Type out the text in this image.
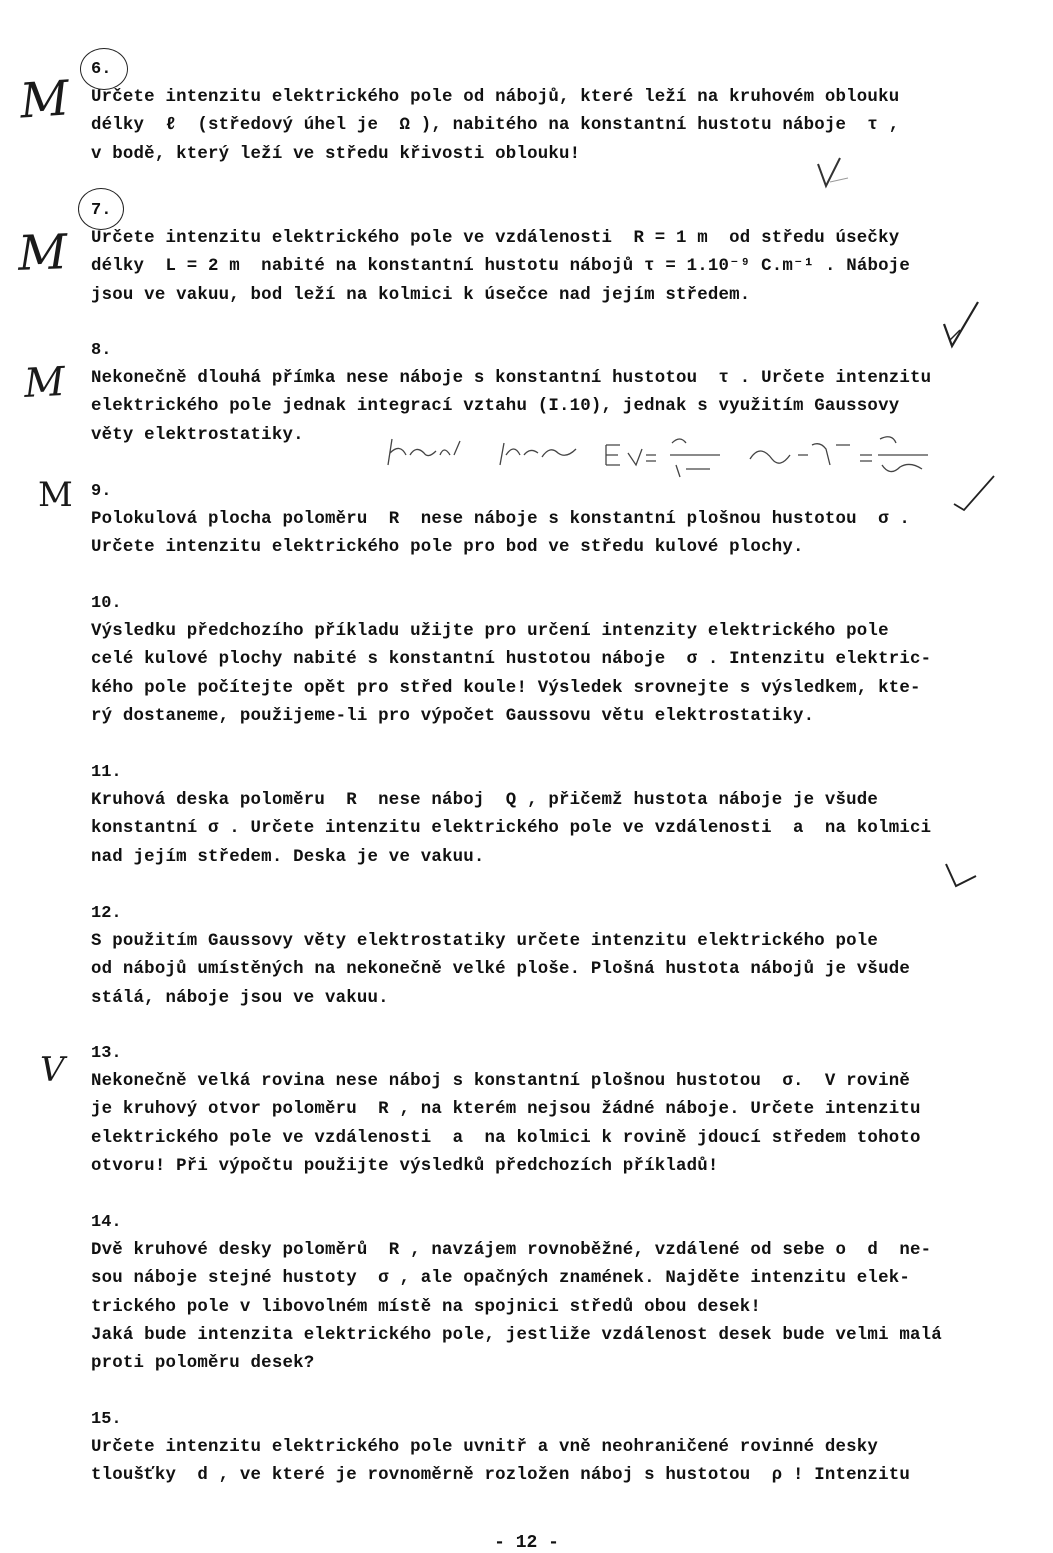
6.
Určete intenzitu elektrického pole od nábojů, které leží na kruhovém oblouku
délky  ℓ  (středový úhel je  Ω ), nabitého na konstantní hustotu náboje  τ ,
v bodě, který leží ve středu křivosti oblouku!
7.
Určete intenzitu elektrického pole ve vzdálenosti  R = 1 m  od středu úsečky
délky  L = 2 m  nabité na konstantní hustotu nábojů τ = 1.10⁻⁹ C.m⁻¹ . Náboje
jsou ve vakuu, bod leží na kolmici k úsečce nad jejím středem.
8.
Nekonečně dlouhá přímka nese náboje s konstantní hustotou  τ . Určete intenzitu
elektrického pole jednak integrací vztahu (I.10), jednak s využitím Gaussovy
věty elektrostatiky.
9.
Polokulová plocha poloměru  R  nese náboje s konstantní plošnou hustotou  σ .
Určete intenzitu elektrického pole pro bod ve středu kulové plochy.
10.
Výsledku předchozího příkladu užijte pro určení intenzity elektrického pole
celé kulové plochy nabité s konstantní hustotou náboje  σ . Intenzitu elektric-
kého pole počítejte opět pro střed koule! Výsledek srovnejte s výsledkem, kte-
rý dostaneme, použijeme-li pro výpočet Gaussovu větu elektrostatiky.
11.
Kruhová deska poloměru  R  nese náboj  Q , přičemž hustota náboje je všude
konstantní σ . Určete intenzitu elektrického pole ve vzdálenosti  a  na kolmici
nad jejím středem. Deska je ve vakuu.
12.
S použitím Gaussovy věty elektrostatiky určete intenzitu elektrického pole
od nábojů umístěných na nekonečně velké ploše. Plošná hustota nábojů je všude
stálá, náboje jsou ve vakuu.
13.
Nekonečně velká rovina nese náboj s konstantní plošnou hustotou  σ.  V rovině
je kruhový otvor poloměru  R , na kterém nejsou žádné náboje. Určete intenzitu
elektrického pole ve vzdálenosti  a  na kolmici k rovině jdoucí středem tohoto
otvoru! Při výpočtu použijte výsledků předchozích příkladů!
14.
Dvě kruhové desky poloměrů  R , navzájem rovnoběžné, vzdálené od sebe o  d  ne-
sou náboje stejné hustoty  σ , ale opačných znamének. Najděte intenzitu elek-
trického pole v libovolném místě na spojnici středů obou desek!
Jaká bude intenzita elektrického pole, jestliže vzdálenost desek bude velmi malá
proti poloměru desek?
15.
Určete intenzitu elektrického pole uvnitř a vně neohraničené rovinné desky
tloušťky  d , ve které je rovnoměrně rozložen náboj s hustotou  ρ ! Intenzitu
M
M
M
M
V
- 12 -
